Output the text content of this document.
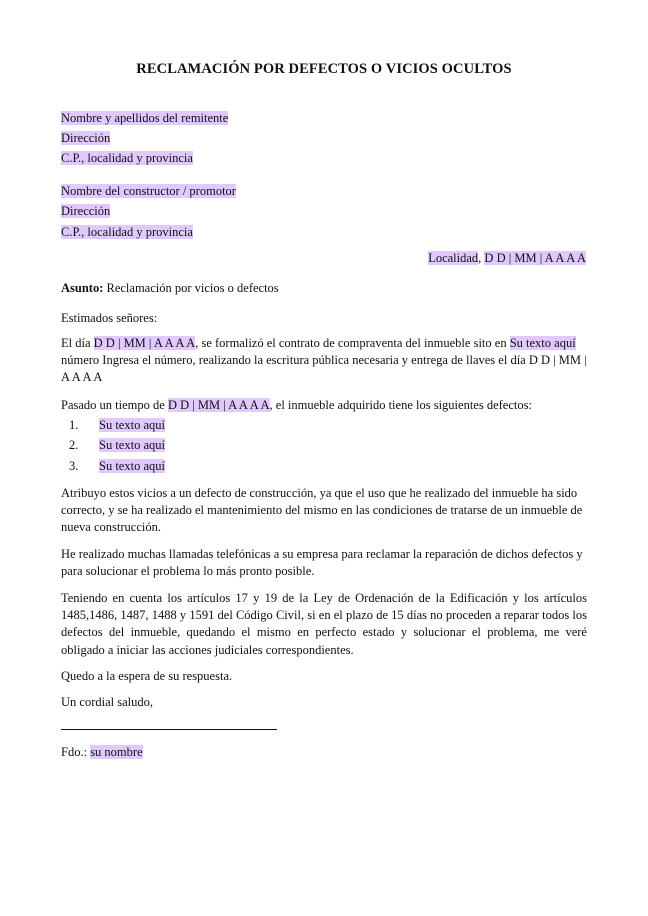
RECLAMACIÓN POR DEFECTOS O VICIOS OCULTOS
Nombre y apellidos del remitente
Dirección
C.P., localidad y provincia
Nombre del constructor / promotor
Dirección
C.P., localidad y provincia
Localidad, D D | MM | A A A A
Asunto: Reclamación por vicios o defectos
Estimados señores:
El día D D | MM | A A A A, se formalizó el contrato de compraventa del inmueble sito en Su texto aquí número Ingresa el número, realizando la escritura pública necesaria y entrega de llaves el día D D | MM | A A A A
Pasado un tiempo de D D | MM | A A A A, el inmueble adquirido tiene los siguientes defectos:
1. Su texto aquí
2. Su texto aquí
3. Su texto aquí
Atribuyo estos vicios a un defecto de construcción, ya que el uso que he realizado del inmueble ha sido correcto, y se ha realizado el mantenimiento del mismo en las condiciones de tratarse de un inmueble de nueva construcción.
He realizado muchas llamadas telefónicas a su empresa para reclamar la reparación de dichos defectos y para solucionar el problema lo más pronto posible.
Teniendo en cuenta los artículos 17 y 19 de la Ley de Ordenación de la Edificación y los artículos 1485,1486, 1487, 1488 y 1591 del Código Civil, si en el plazo de 15 días no proceden a reparar todos los defectos del inmueble, quedando el mismo en perfecto estado y solucionar el problema, me veré obligado a iniciar las acciones judiciales correspondientes.
Quedo a la espera de su respuesta.
Un cordial saludo,
Fdo.: su nombre
